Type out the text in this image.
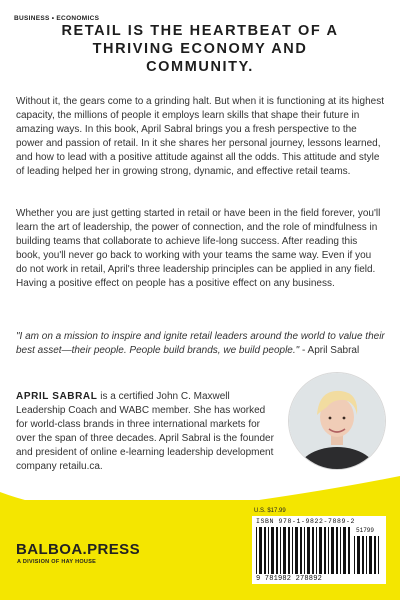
BUSINESS • ECONOMICS
RETAIL IS THE HEARTBEAT OF A THRIVING ECONOMY AND COMMUNITY.

Without it, the gears come to a grinding halt. But when it is functioning at its highest capacity, the millions of people it employs learn skills that shape their future in amazing ways. In this book, April Sabral brings you a fresh perspective to the power and passion of retail. In it she shares her personal journey, lessons learned, and how to lead with a positive attitude against all the odds. This attitude and style of leading helped her in growing strong, dynamic, and effective retail teams.

Whether you are just getting started in retail or have been in the field forever, you'll learn the art of leadership, the power of connection, and the role of mindfulness in building teams that collaborate to achieve life-long success. After reading this book, you'll never go back to working with your teams the same way. Even if you do not work in retail, April's three leadership principles can be applied in any field. Having a positive effect on people has a positive effect on any business.

"I am on a mission to inspire and ignite retail leaders around the world to value their best asset—their people. People build brands, we build people." - April Sabral

APRIL SABRAL is a certified John C. Maxwell Leadership Coach and WABC member. She has worked for world-class brands in three international markets for over the span of three decades. April Sabral is the founder and president of online e-learning leadership development company retailu.ca.

BALBOA.PRESS
A DIVISION OF HAY HOUSE
U.S. $17.99
ISBN 978-1-9822-7889-2
51799
9 781982 278892
